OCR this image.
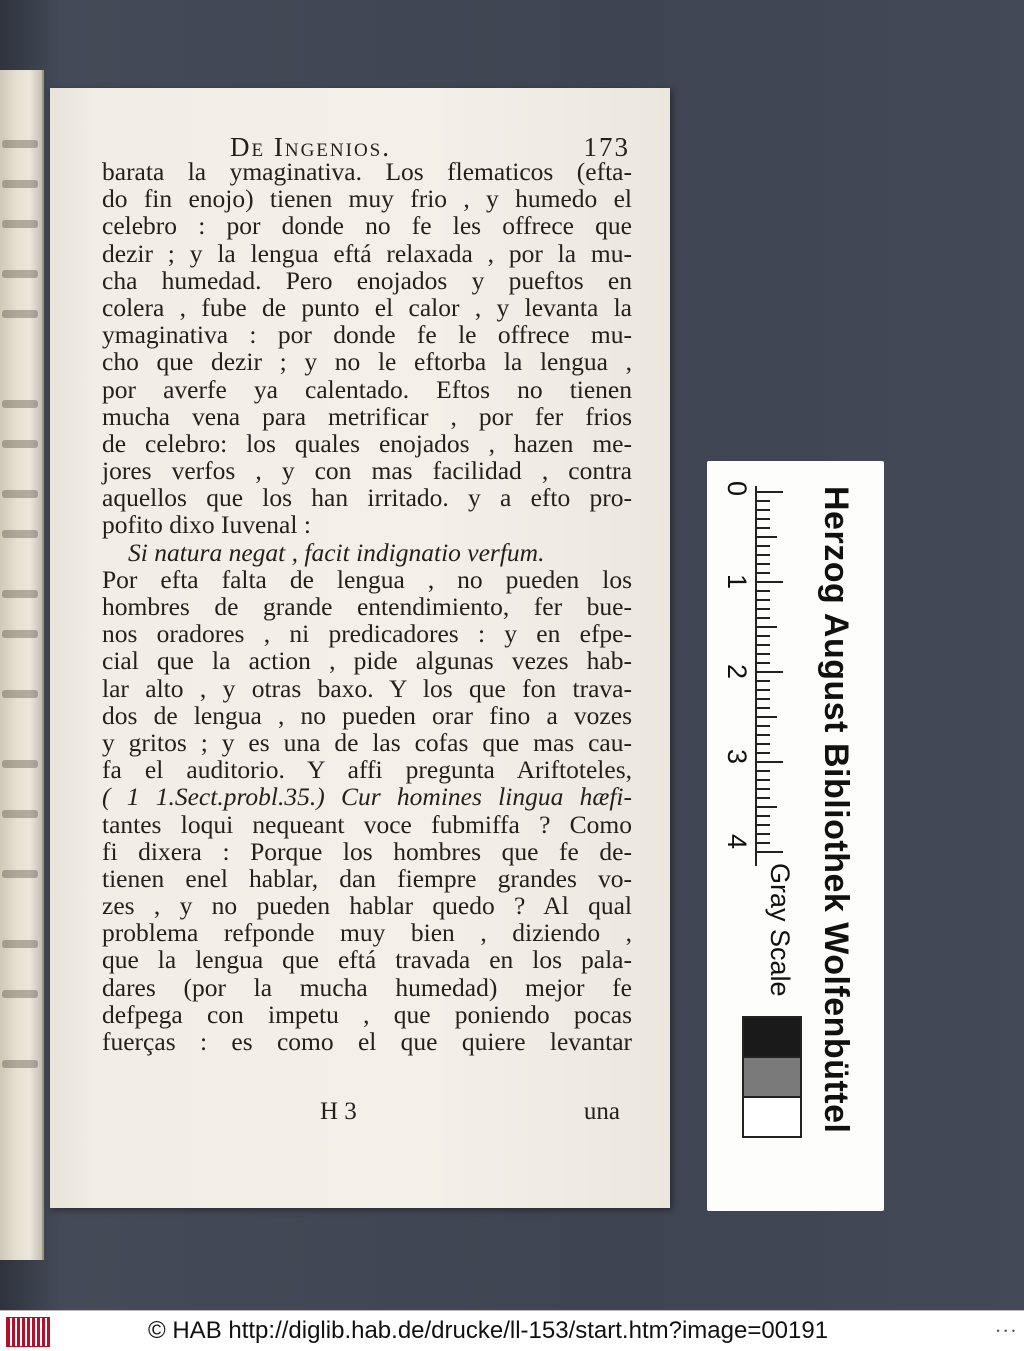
De Ingenios.	173
barata la ymaginativa. Los flematicos (efta-
do fin enojo) tienen muy frio , y humedo el
celebro : por donde no fe les offrece que
dezir ; y la lengua eftá relaxada , por la mu-
cha humedad. Pero enojados y pueftos en
colera , fube de punto el calor , y levanta la
ymaginativa : por donde fe le offrece mu-
cho que dezir ; y no le eftorba la lengua ,
por averfe ya calentado. Eftos no tienen
mucha vena para metrificar , por fer frios
de celebro: los quales enojados , hazen me-
jores verfos , y con mas facilidad , contra
aquellos que los han irritado. y a efto pro-
pofito dixo Iuvenal :
Si natura negat , facit indignatio verfum.
Por efta falta de lengua , no pueden los
hombres de grande entendimiento, fer bue-
nos oradores , ni predicadores : y en efpe-
cial que la action , pide algunas vezes hab-
lar alto , y otras baxo. Y los que fon trava-
dos de lengua , no pueden orar fino a vozes
y gritos ; y es una de las cofas que mas cau-
fa el auditorio. Y affi pregunta Ariftoteles,
( 1 1.Sect.probl.35.) Cur homines lingua hæfi-
tantes loqui nequeant voce fubmiffa ? Como
fi dixera : Porque los hombres que fe de-
tienen enel hablar, dan fiempre grandes vo-
zes , y no pueden hablar quedo ? Al qual
problema refponde muy bien , diziendo ,
que la lengua que eftá travada en los pala-
dares (por la mucha humedad) mejor fe
defpega con impetu , que poniendo pocas
fuerças : es como el que quiere levantar
H 3	una	Herzog August Bibliothek Wolfenbüttel
0
1
2
3
4
Gray Scale
© HAB http://diglib.hab.de/drucke/ll-153/start.htm?image=00191	• • •
